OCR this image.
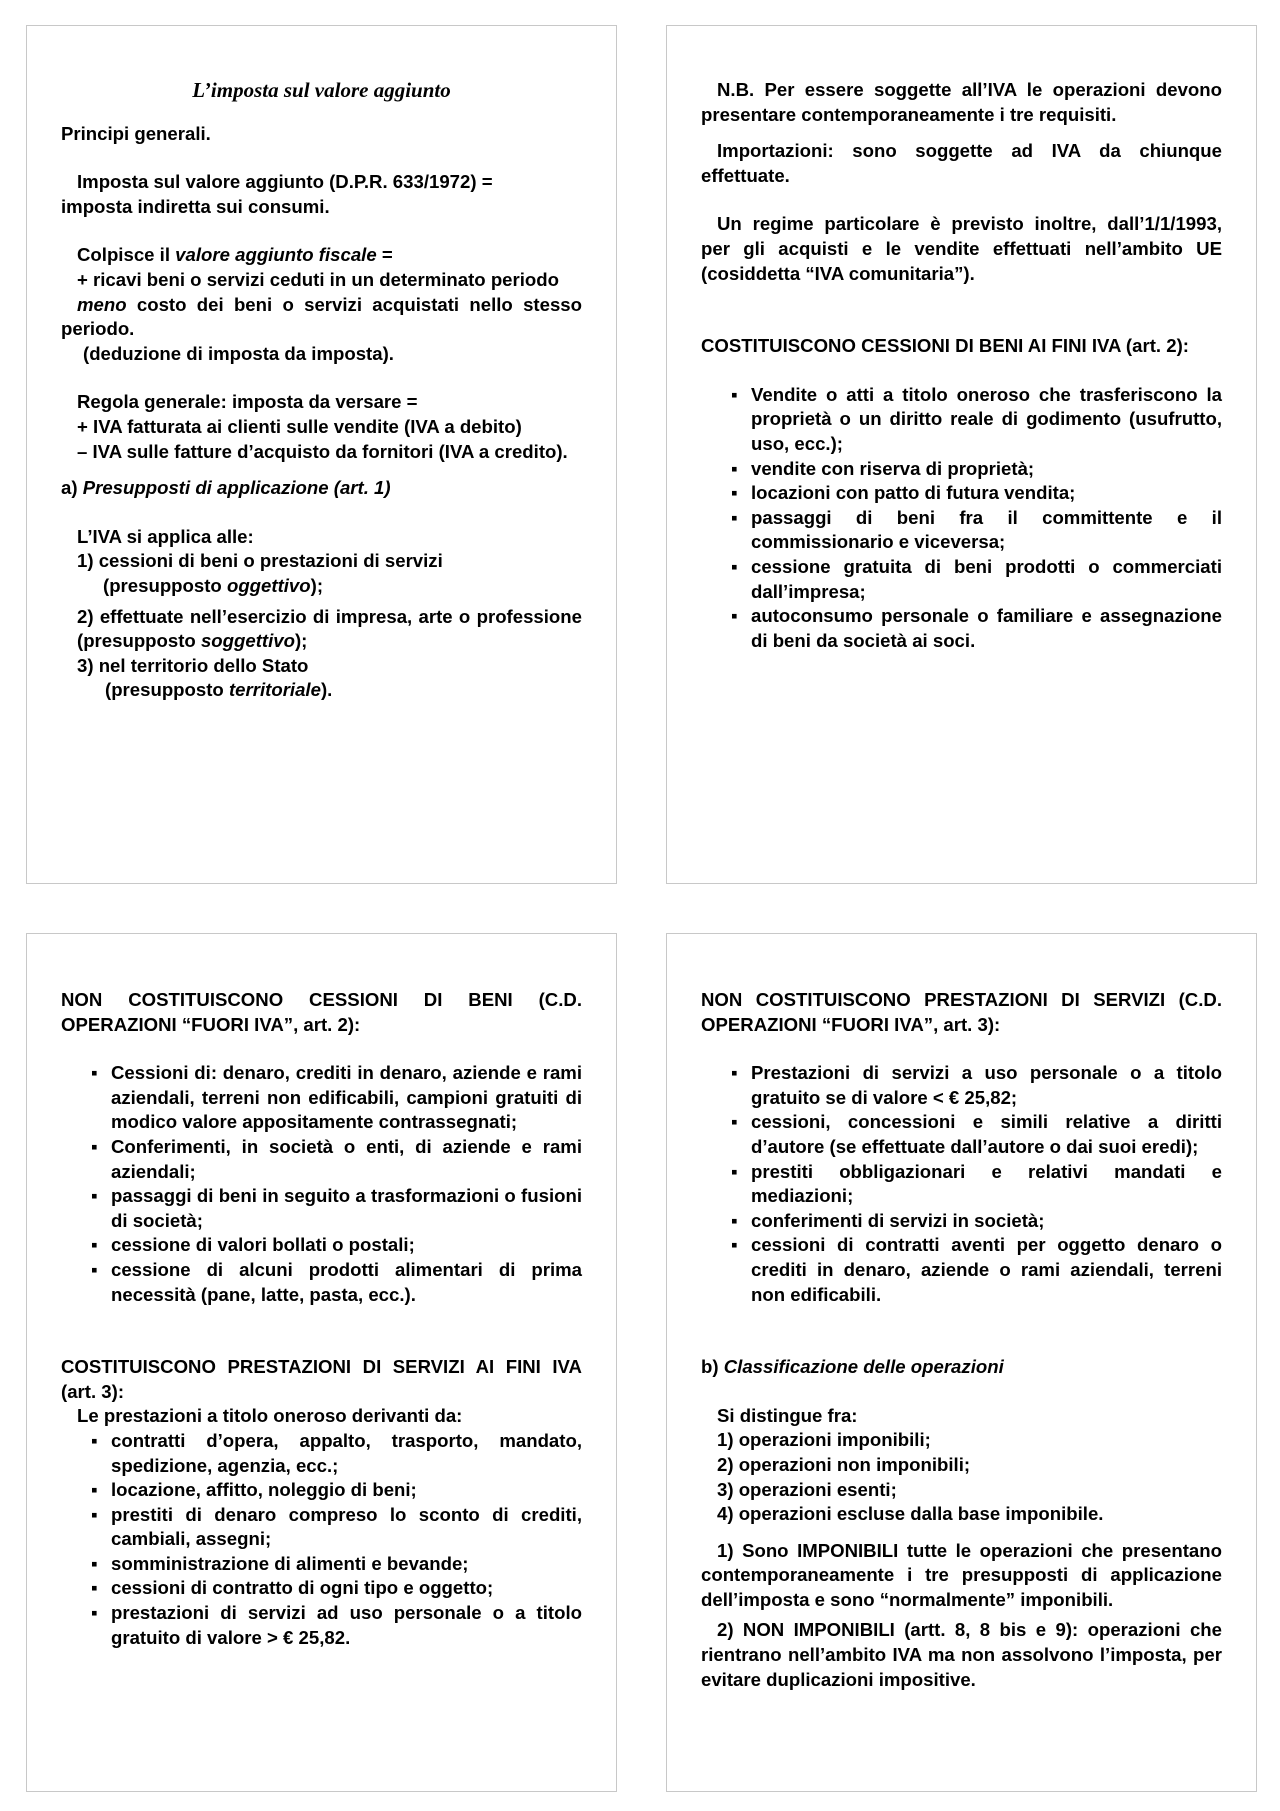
L’imposta sul valore aggiunto

Principi generali.

Imposta sul valore aggiunto (D.P.R. 633/1972) =

imposta indiretta sui consumi.

Colpisce il valore aggiunto fiscale =

+ ricavi beni o servizi ceduti in un determinato periodo

meno costo dei beni o servizi acquistati nello stesso periodo.

(deduzione di imposta da imposta).

Regola generale: imposta da versare =

+ IVA fatturata ai clienti sulle vendite (IVA a debito)

– IVA sulle fatture d’acquisto da fornitori (IVA a credito).

a) Presupposti di applicazione (art. 1)

L’IVA si applica alle:

1) cessioni di beni o prestazioni di servizi

(presupposto oggettivo);

2) effettuate nell’esercizio di impresa, arte o professione (presupposto soggettivo);

3) nel territorio dello Stato

(presupposto territoriale).

N.B. Per essere soggette all’IVA le operazioni devono presentare contemporaneamente i tre requisiti.

Importazioni: sono soggette ad IVA da chiunque effettuate.

Un regime particolare è previsto inoltre, dall’1/1/1993, per gli acquisti e le vendite effettuati nell’ambito UE (cosiddetta “IVA comunitaria”).

COSTITUISCONO CESSIONI DI BENI AI FINI IVA (art. 2):

▪ Vendite o atti a titolo oneroso che trasferiscono la proprietà o un diritto reale di godimento (usufrutto, uso, ecc.);
▪ vendite con riserva di proprietà;
▪ locazioni con patto di futura vendita;
▪ passaggi di beni fra il committente e il commissionario e viceversa;
▪ cessione gratuita di beni prodotti o commerciati dall’impresa;
▪ autoconsumo personale o familiare e assegnazione di beni da società ai soci.

NON COSTITUISCONO CESSIONI DI BENI (C.D. OPERAZIONI “FUORI IVA”, art. 2):

▪ Cessioni di: denaro, crediti in denaro, aziende e rami aziendali, terreni non edificabili, campioni gratuiti di modico valore appositamente contrassegnati;
▪ Conferimenti, in società o enti, di aziende e rami aziendali;
▪ passaggi di beni in seguito a trasformazioni o fusioni di società;
▪ cessione di valori bollati o postali;
▪ cessione di alcuni prodotti alimentari di prima necessità (pane, latte, pasta, ecc.).

COSTITUISCONO PRESTAZIONI DI SERVIZI AI FINI IVA (art. 3):

Le prestazioni a titolo oneroso derivanti da:

▪ contratti d’opera, appalto, trasporto, mandato, spedizione, agenzia, ecc.;
▪ locazione, affitto, noleggio di beni;
▪ prestiti di denaro compreso lo sconto di crediti, cambiali, assegni;
▪ somministrazione di alimenti e bevande;
▪ cessioni di contratto di ogni tipo e oggetto;
▪ prestazioni di servizi ad uso personale o a titolo gratuito di valore > € 25,82.

NON COSTITUISCONO PRESTAZIONI DI SERVIZI (C.D. OPERAZIONI “FUORI IVA”, art. 3):

▪ Prestazioni di servizi a uso personale o a titolo gratuito se di valore < € 25,82;
▪ cessioni, concessioni e simili relative a diritti d’autore (se effettuate dall’autore o dai suoi eredi);
▪ prestiti obbligazionari e relativi mandati e mediazioni;
▪ conferimenti di servizi in società;
▪ cessioni di contratti aventi per oggetto denaro o crediti in denaro, aziende o rami aziendali, terreni non edificabili.

b) Classificazione delle operazioni

Si distingue fra:

1) operazioni imponibili;

2) operazioni non imponibili;

3) operazioni esenti;

4) operazioni escluse dalla base imponibile.

1) Sono IMPONIBILI tutte le operazioni che presentano contemporaneamente i tre presupposti di applicazione dell’imposta e sono “normalmente” imponibili.

2) NON IMPONIBILI (artt. 8, 8 bis e 9): operazioni che rientrano nell’ambito IVA ma non assolvono l’imposta, per evitare duplicazioni impositive.
